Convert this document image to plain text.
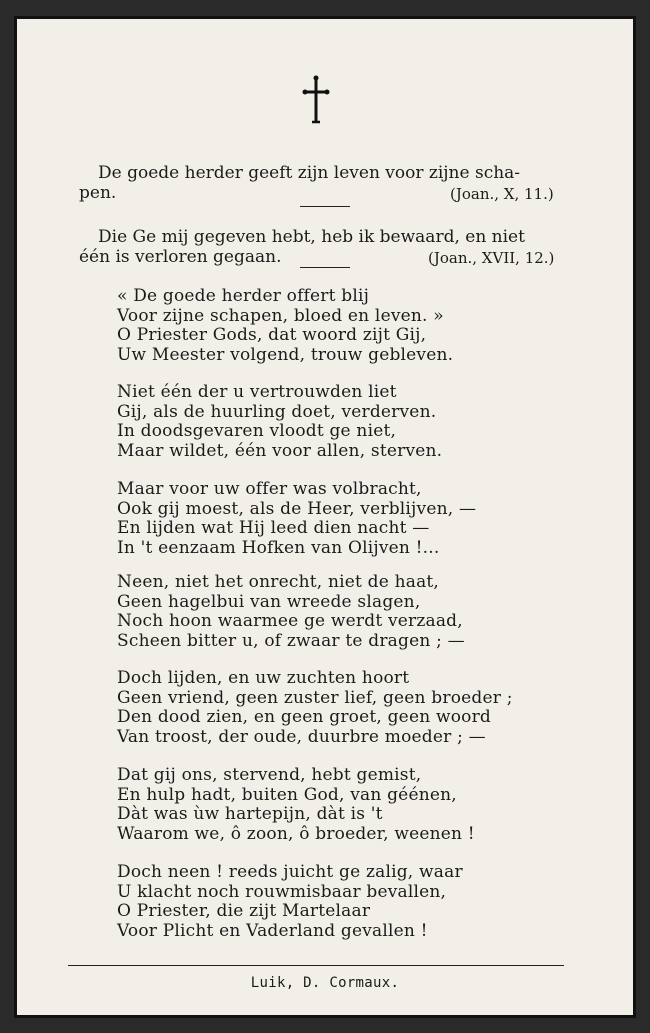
De goede herder geeft zijn leven voor zijne scha-
pen.	(Joan., X, 11.)
Die Ge mij gegeven hebt, heb ik bewaard, en niet
één is verloren gegaan.	(Joan., XVII, 12.)
« De goede herder offert blij
Voor zijne schapen, bloed en leven. »
O Priester Gods, dat woord zijt Gij,
Uw Meester volgend, trouw gebleven.
Niet één der u vertrouwden liet
Gij, als de huurling doet, verderven.
In doodsgevaren vloodt ge niet,
Maar wildet, één voor allen, sterven.
Maar voor uw offer was volbracht,
Ook gij moest, als de Heer, verblijven, —
En lijden wat Hij leed dien nacht —
In 't eenzaam Hofken van Olijven !...
Neen, niet het onrecht, niet de haat,
Geen hagelbui van wreede slagen,
Noch hoon waarmee ge werdt verzaad,
Scheen bitter u, of zwaar te dragen ; —
Doch lijden, en uw zuchten hoort
Geen vriend, geen zuster lief, geen broeder ;
Den dood zien, en geen groet, geen woord
Van troost, der oude, duurbre moeder ; —
Dat gij ons, stervend, hebt gemist,
En hulp hadt, buiten God, van géénen,
Dàt was ùw hartepijn, dàt is 't
Waarom we, ô zoon, ô broeder, weenen !
Doch neen ! reeds juicht ge zalig, waar
U klacht noch rouwmisbaar bevallen,
O Priester, die zijt Martelaar
Voor Plicht en Vaderland gevallen !
Luik, D. Cormaux.
